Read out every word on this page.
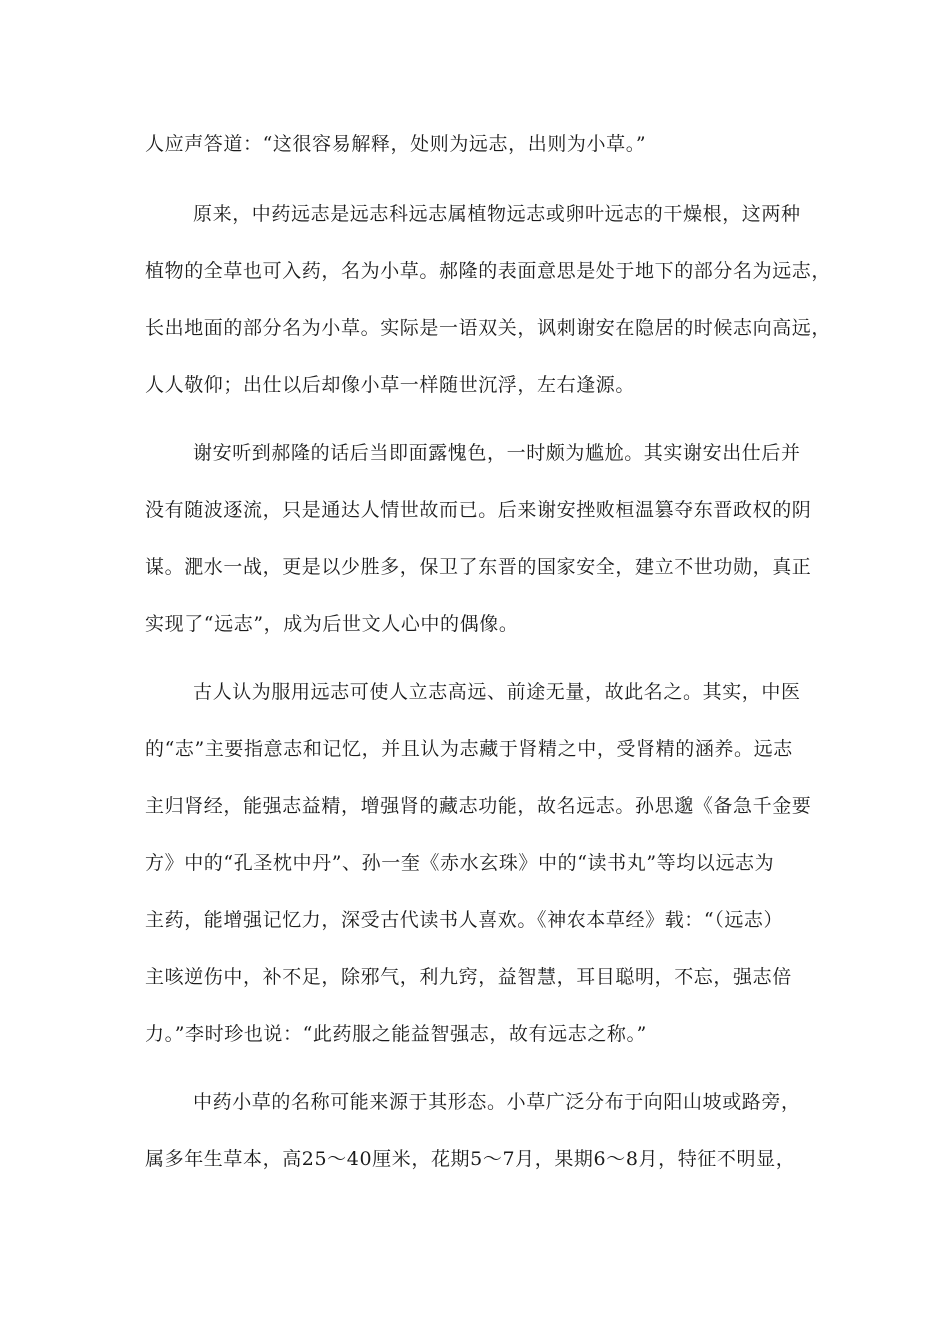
人应声答道：“这很容易解释，处则为远志，出则为小草。”
原来，中药远志是远志科远志属植物远志或卵叶远志的干燥根，这两种
植物的全草也可入药，名为小草。郝隆的表面意思是处于地下的部分名为远志，
长出地面的部分名为小草。实际是一语双关，讽刺谢安在隐居的时候志向高远，
人人敬仰；出仕以后却像小草一样随世沉浮，左右逢源。
谢安听到郝隆的话后当即面露愧色，一时颇为尴尬。其实谢安出仕后并
没有随波逐流，只是通达人情世故而已。后来谢安挫败桓温篡夺东晋政权的阴
谋。淝水一战，更是以少胜多，保卫了东晋的国家安全，建立不世功勋，真正
实现了“远志”，成为后世文人心中的偶像。
古人认为服用远志可使人立志高远、前途无量，故此名之。其实，中医
的“志”主要指意志和记忆，并且认为志藏于肾精之中，受肾精的涵养。远志
主归肾经，能强志益精，增强肾的藏志功能，故名远志。孙思邈《备急千金要
方》中的“孔圣枕中丹”、孙一奎《赤水玄珠》中的“读书丸”等均以远志为
主药，能增强记忆力，深受古代读书人喜欢。《神农本草经》载：“（远志）
主咳逆伤中，补不足，除邪气，利九窍，益智慧，耳目聪明，不忘，强志倍
力。”李时珍也说：“此药服之能益智强志，故有远志之称。”
中药小草的名称可能来源于其形态。小草广泛分布于向阳山坡或路旁，
属多年生草本，高25～40厘米，花期5～7月，果期6～8月，特征不明显，
